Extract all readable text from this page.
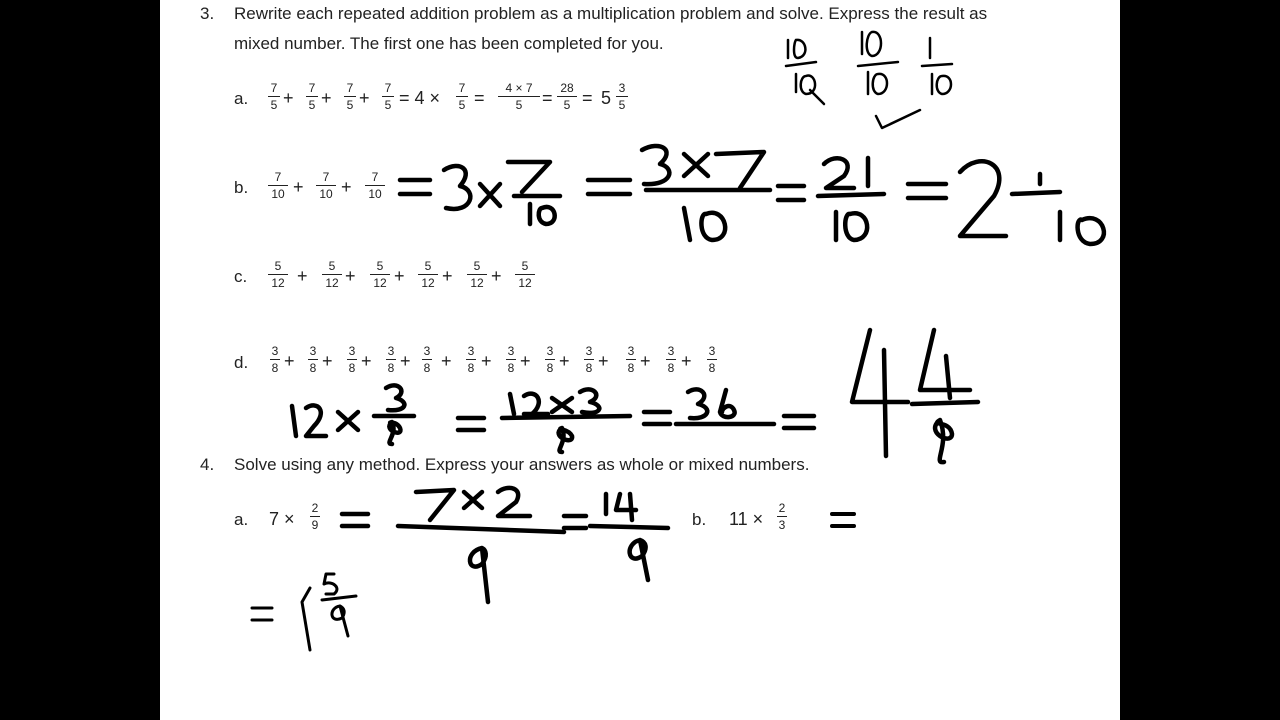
3. Rewrite each repeated addition problem as a multiplication problem and solve. Express the result as
mixed number. The first one has been completed for you.
a.
7
5 + 7
5 + 7
5 + 7
5 = 4 × 7
5 =	4 × 7
5	= 28
5 = 5 3
5
b.
7
10 +	7
10 +	7
10
c.
5
12 +	5
12 +	5
12 +	5
12 +	5
12 +	5
12
d.
3
8 + 3
8 + 3
8 + 3
8 + 3
8 + 3
8 + 3
8 + 3
8 + 3
8 + 3
8 + 3
8 + 3
8
4. Solve using any method. Express your answers as whole or mixed numbers.
a. 7 ×
2
9	b. 11 ×
2
3
